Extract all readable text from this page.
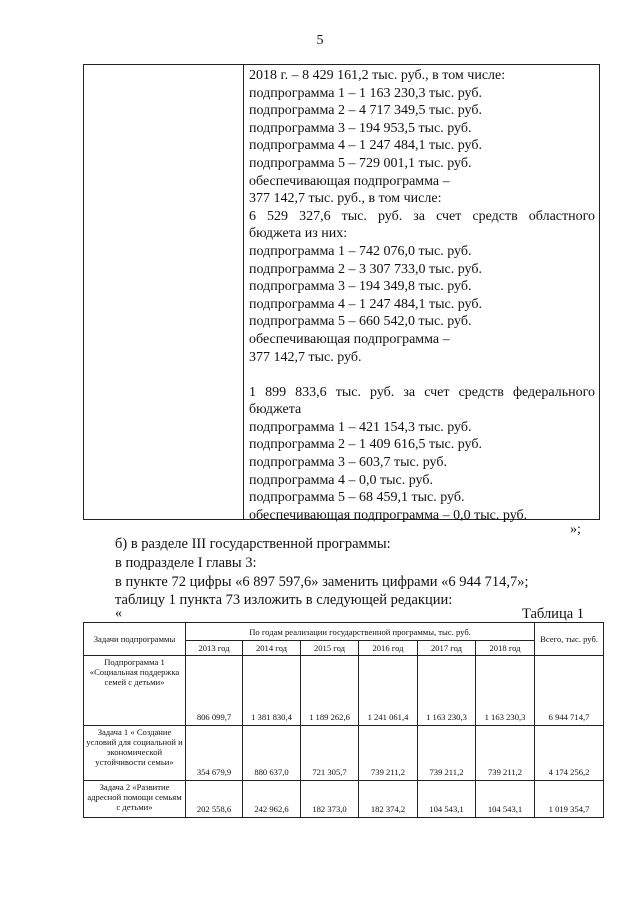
5
2018 г. – 8 429 161,2 тыс. руб., в том числе:
подпрограмма 1 – 1 163 230,3 тыс. руб.
подпрограмма 2 – 4 717 349,5 тыс. руб.
подпрограмма 3 – 194 953,5 тыс. руб.
подпрограмма 4 – 1 247 484,1 тыс. руб.
подпрограмма 5 – 729 001,1 тыс. руб.
обеспечивающая подпрограмма –
377 142,7 тыс. руб., в том числе:
6 529 327,6 тыс. руб. за счет средств областного
бюджета из них:
подпрограмма 1 – 742 076,0 тыс. руб.
подпрограмма 2 – 3 307 733,0 тыс. руб.
подпрограмма 3 – 194 349,8 тыс. руб.
подпрограмма 4 – 1 247 484,1 тыс. руб.
подпрограмма 5 – 660 542,0 тыс. руб.
обеспечивающая подпрограмма –
377 142,7 тыс. руб.
1 899 833,6 тыс. руб. за счет средств федерального
бюджета
подпрограмма 1 – 421 154,3 тыс. руб.
подпрограмма 2 – 1 409 616,5 тыс. руб.
подпрограмма 3 – 603,7 тыс. руб.
подпрограмма 4 – 0,0 тыс. руб.
подпрограмма 5 – 68 459,1 тыс. руб.
обеспечивающая подпрограмма – 0,0 тыс. руб.
»;
б) в разделе III государственной программы:
в подразделе I главы 3:
в пункте 72 цифры «6 897 597,6» заменить цифрами «6 944 714,7»;
таблицу 1 пункта 73 изложить в следующей редакции:
«	Таблица 1
Задачи подпрограммы	По годам реализации государственной программы, тыс. руб.						Всего, тыс. руб.
	2013 год	2014 год	2015 год	2016 год	2017 год	2018 год	
Подпрограмма 1 «Социальная поддержка семей с детьми»	806 099,7	1 381 830,4	1 189 262,6	1 241 061,4	1 163 230,3	1 163 230,3	6 944 714,7
Задача 1 « Создание условий для социальной и экономической устойчивости семьи»	354 679,9	880 637,0	721 305,7	739 211,2	739 211,2	739 211,2	4 174 256,2
Задача 2 «Развитие адресной помощи семьям с детьми»	202 558,6	242 962,6	182 373,0	182 374,2	104 543,1	104 543,1	1 019 354,7
